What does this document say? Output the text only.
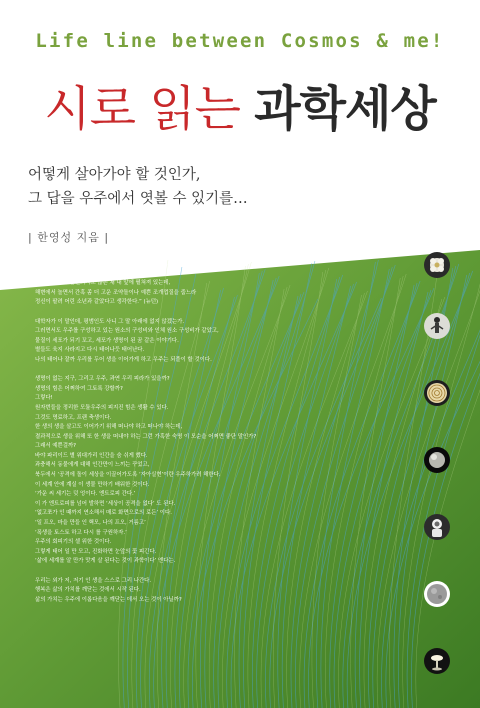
Life line between Cosmos & me!
시로 읽는 과학세상
어떻게 살아가야 할 것인가,
그 답을 우주에서 엿볼 수 있기를…
| 한영성 지음 |
“세상 사람들은 나를 어떻게 보는지 나로서는 알 수 없다.
그렇지만 나 스스로를 돌이켜보건대,
인지의 대양은 발견되지도 않은 채 내 앞에 펼쳐져 있는데,
해변에서 놀면서 간혹 좀 더 고운 조약돌이나 예쁜 조개껍질을 줍느라
정신이 팔려 어린 소년과 같았다고 생각한다.” (뉴턴)
대학자가 이 말인데, 평범인도 사니 그 말 아래에 없지 않겠는가.
그러면서도 우주를 구성하고 있는 원소의 구성비와 인체 원소 구성비가 같았고,
물질이 세포가 되기 꼬고, 세포가 생명이 된 꿈 같은 이야기다.
별들도 육지 사라지고 다시 태어나듯 태어난다.
나의 태어나 잘까 우리를 두어 생을 이어가게 하고 우주는 되풀이 할 것이다.
생명이 없는 지구, 그리고 우주, 과연 우리 피라가 있을까?
생명의 힘은 어쩌하여 그토록 강할까?
그렇다!
원자번들을 정리한 모듈우주의 피지진 힘은 생활 수 있다.
그것도 명료하고, 프랜 축생이다.
한 생의 생을 살고도 이어가기 위해 떠나야 하고 떠나야 하는데,
결과적으로 생을 위해 또 한 생을 떠내야 하는 그런 가혹한 숙명 이 모순을 어쩌면 좋단 말인가?
그래서 예쁜걸까?
바야 파리이드 별 위대가리 인간을 숨 쉬게 했다.
과충해서 동물에게 대해 인간만이 느끼는 꾸었고,
북두에서 ‘공격에 돌이 세상을 이끌어가도록 ‘자아실현’이란 우주하가려 해한다.
이 세계 안에 계실 이 생물 만하기 배워한 것이다.
‘가운 씨 세기는 덧 엉이다. 엔트로피 간다.’
이 가 엔트로피를 넘어 발하면 ‘세상이 공격을 없다’ 도 된다.
‘없고쪼가 인 때까지 연소해서 매로 화면으로의 로든’ 이다.
‘일 프오, 마을 만들 인 핵모, 나의 프오, 거름고’
‘폭생을 토스토 하고 다시 를 구원하자.’
우주의 회피기의 셀 위한 것이다.
그렇게 태어 일 만 모고, 진화하면 눈앞의 꽃 피긴다.
‘삶에 세계를 알 만가 맛게 살 된다는 것이 과학이다’ 엔다는.
우리는 외가 저, 저기 인 생을 스스로 그리 나간다.
행복은 삶의 가치를 깨닫는 것에서 시작 된다.
삶의 가치는 우주에 이롭다음을 깨닫는 데서 오는 것이 아닐까?
